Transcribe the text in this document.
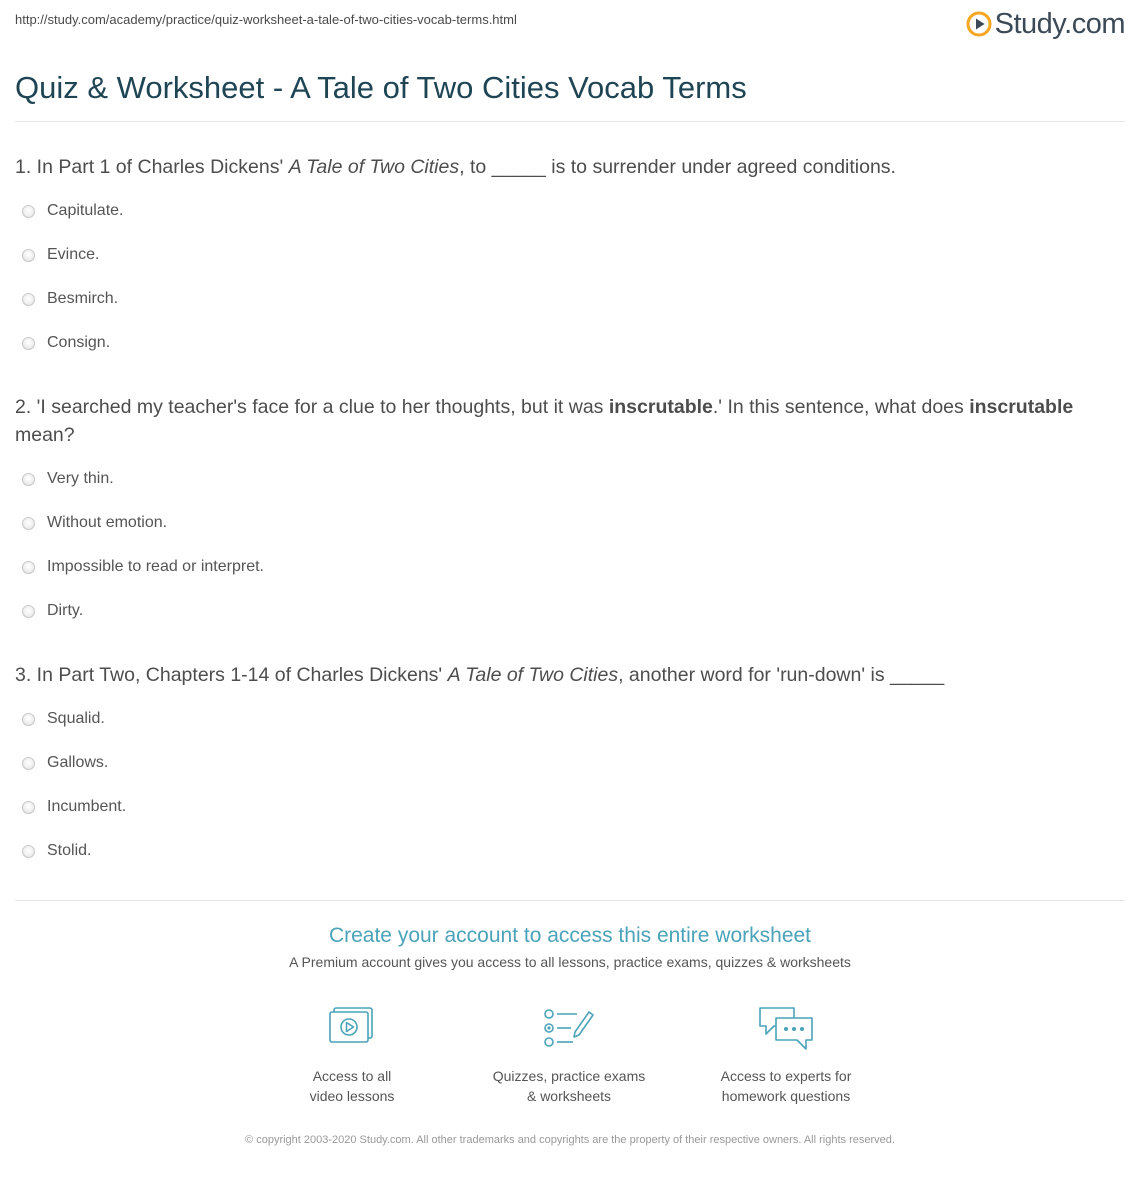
http://study.com/academy/practice/quiz-worksheet-a-tale-of-two-cities-vocab-terms.html	Study.com
Quiz & Worksheet - A Tale of Two Cities Vocab Terms
1. In Part 1 of Charles Dickens' A Tale of Two Cities, to _____ is to surrender under agreed conditions.
Capitulate.
Evince.
Besmirch.
Consign.
2. 'I searched my teacher's face for a clue to her thoughts, but it was inscrutable.' In this sentence, what does inscrutable mean?
Very thin.
Without emotion.
Impossible to read or interpret.
Dirty.
3. In Part Two, Chapters 1-14 of Charles Dickens' A Tale of Two Cities, another word for 'run-down' is _____
Squalid.
Gallows.
Incumbent.
Stolid.
Create your account to access this entire worksheet
A Premium account gives you access to all lessons, practice exams, quizzes & worksheets
Access to all
video lessons
Quizzes, practice exams
& worksheets
Access to experts for
homework questions
© copyright 2003-2020 Study.com. All other trademarks and copyrights are the property of their respective owners. All rights reserved.
